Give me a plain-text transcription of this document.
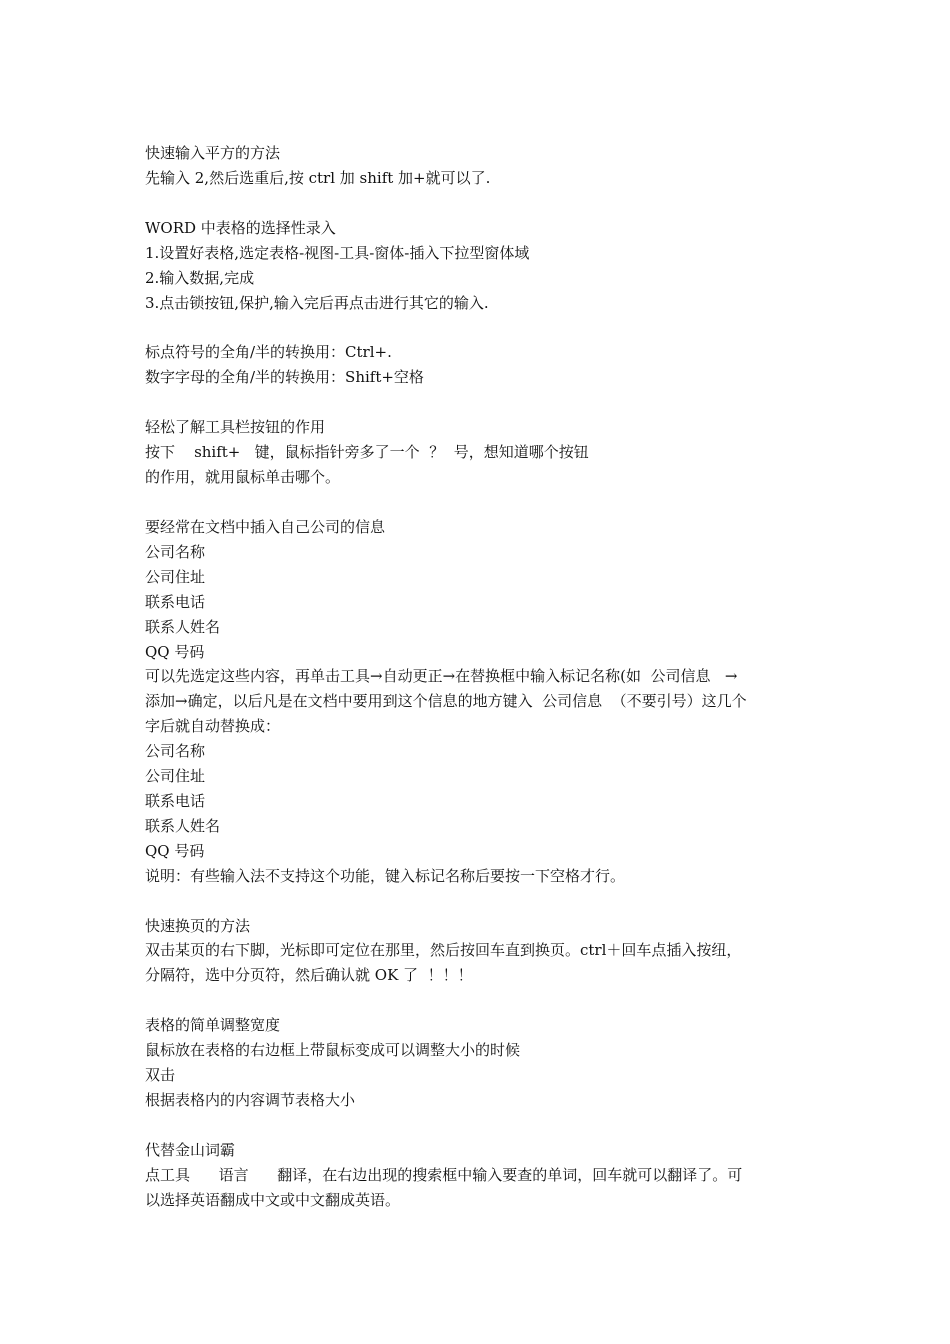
快速输入平方的方法
先输入 2,然后选重后,按 ctrl 加 shift 加+就可以了.
WORD 中表格的选择性录入
1.设置好表格,选定表格-视图-工具-窗体-插入下拉型窗体域
2.输入数据,完成
3.点击锁按钮,保护,输入完后再点击进行其它的输入.
标点符号的全角/半的转换用：Ctrl+.
数字字母的全角/半的转换用：Shift+空格
轻松了解工具栏按钮的作用
按下    shift+   键，鼠标指针旁多了一个  ？  号，想知道哪个按钮
的作用，就用鼠标单击哪个。
要经常在文档中插入自己公司的信息
公司名称
公司住址
联系电话
联系人姓名
QQ 号码
可以先选定这些内容，再单击工具→自动更正→在替换框中输入标记名称(如  公司信息   →
添加→确定，以后凡是在文档中要用到这个信息的地方键入  公司信息  （不要引号）这几个
字后就自动替换成：
公司名称
公司住址
联系电话
联系人姓名
QQ 号码
说明：有些输入法不支持这个功能，键入标记名称后要按一下空格才行。
快速换页的方法
双击某页的右下脚，光标即可定位在那里，然后按回车直到换页。ctrl＋回车点插入按纽，
分隔符，选中分页符，然后确认就 OK 了  ！！！
表格的简单调整宽度
鼠标放在表格的右边框上带鼠标变成可以调整大小的时候
双击
根据表格内的内容调节表格大小
代替金山词霸
点工具      语言      翻译，在右边出现的搜索框中输入要查的单词，回车就可以翻译了。可
以选择英语翻成中文或中文翻成英语。
